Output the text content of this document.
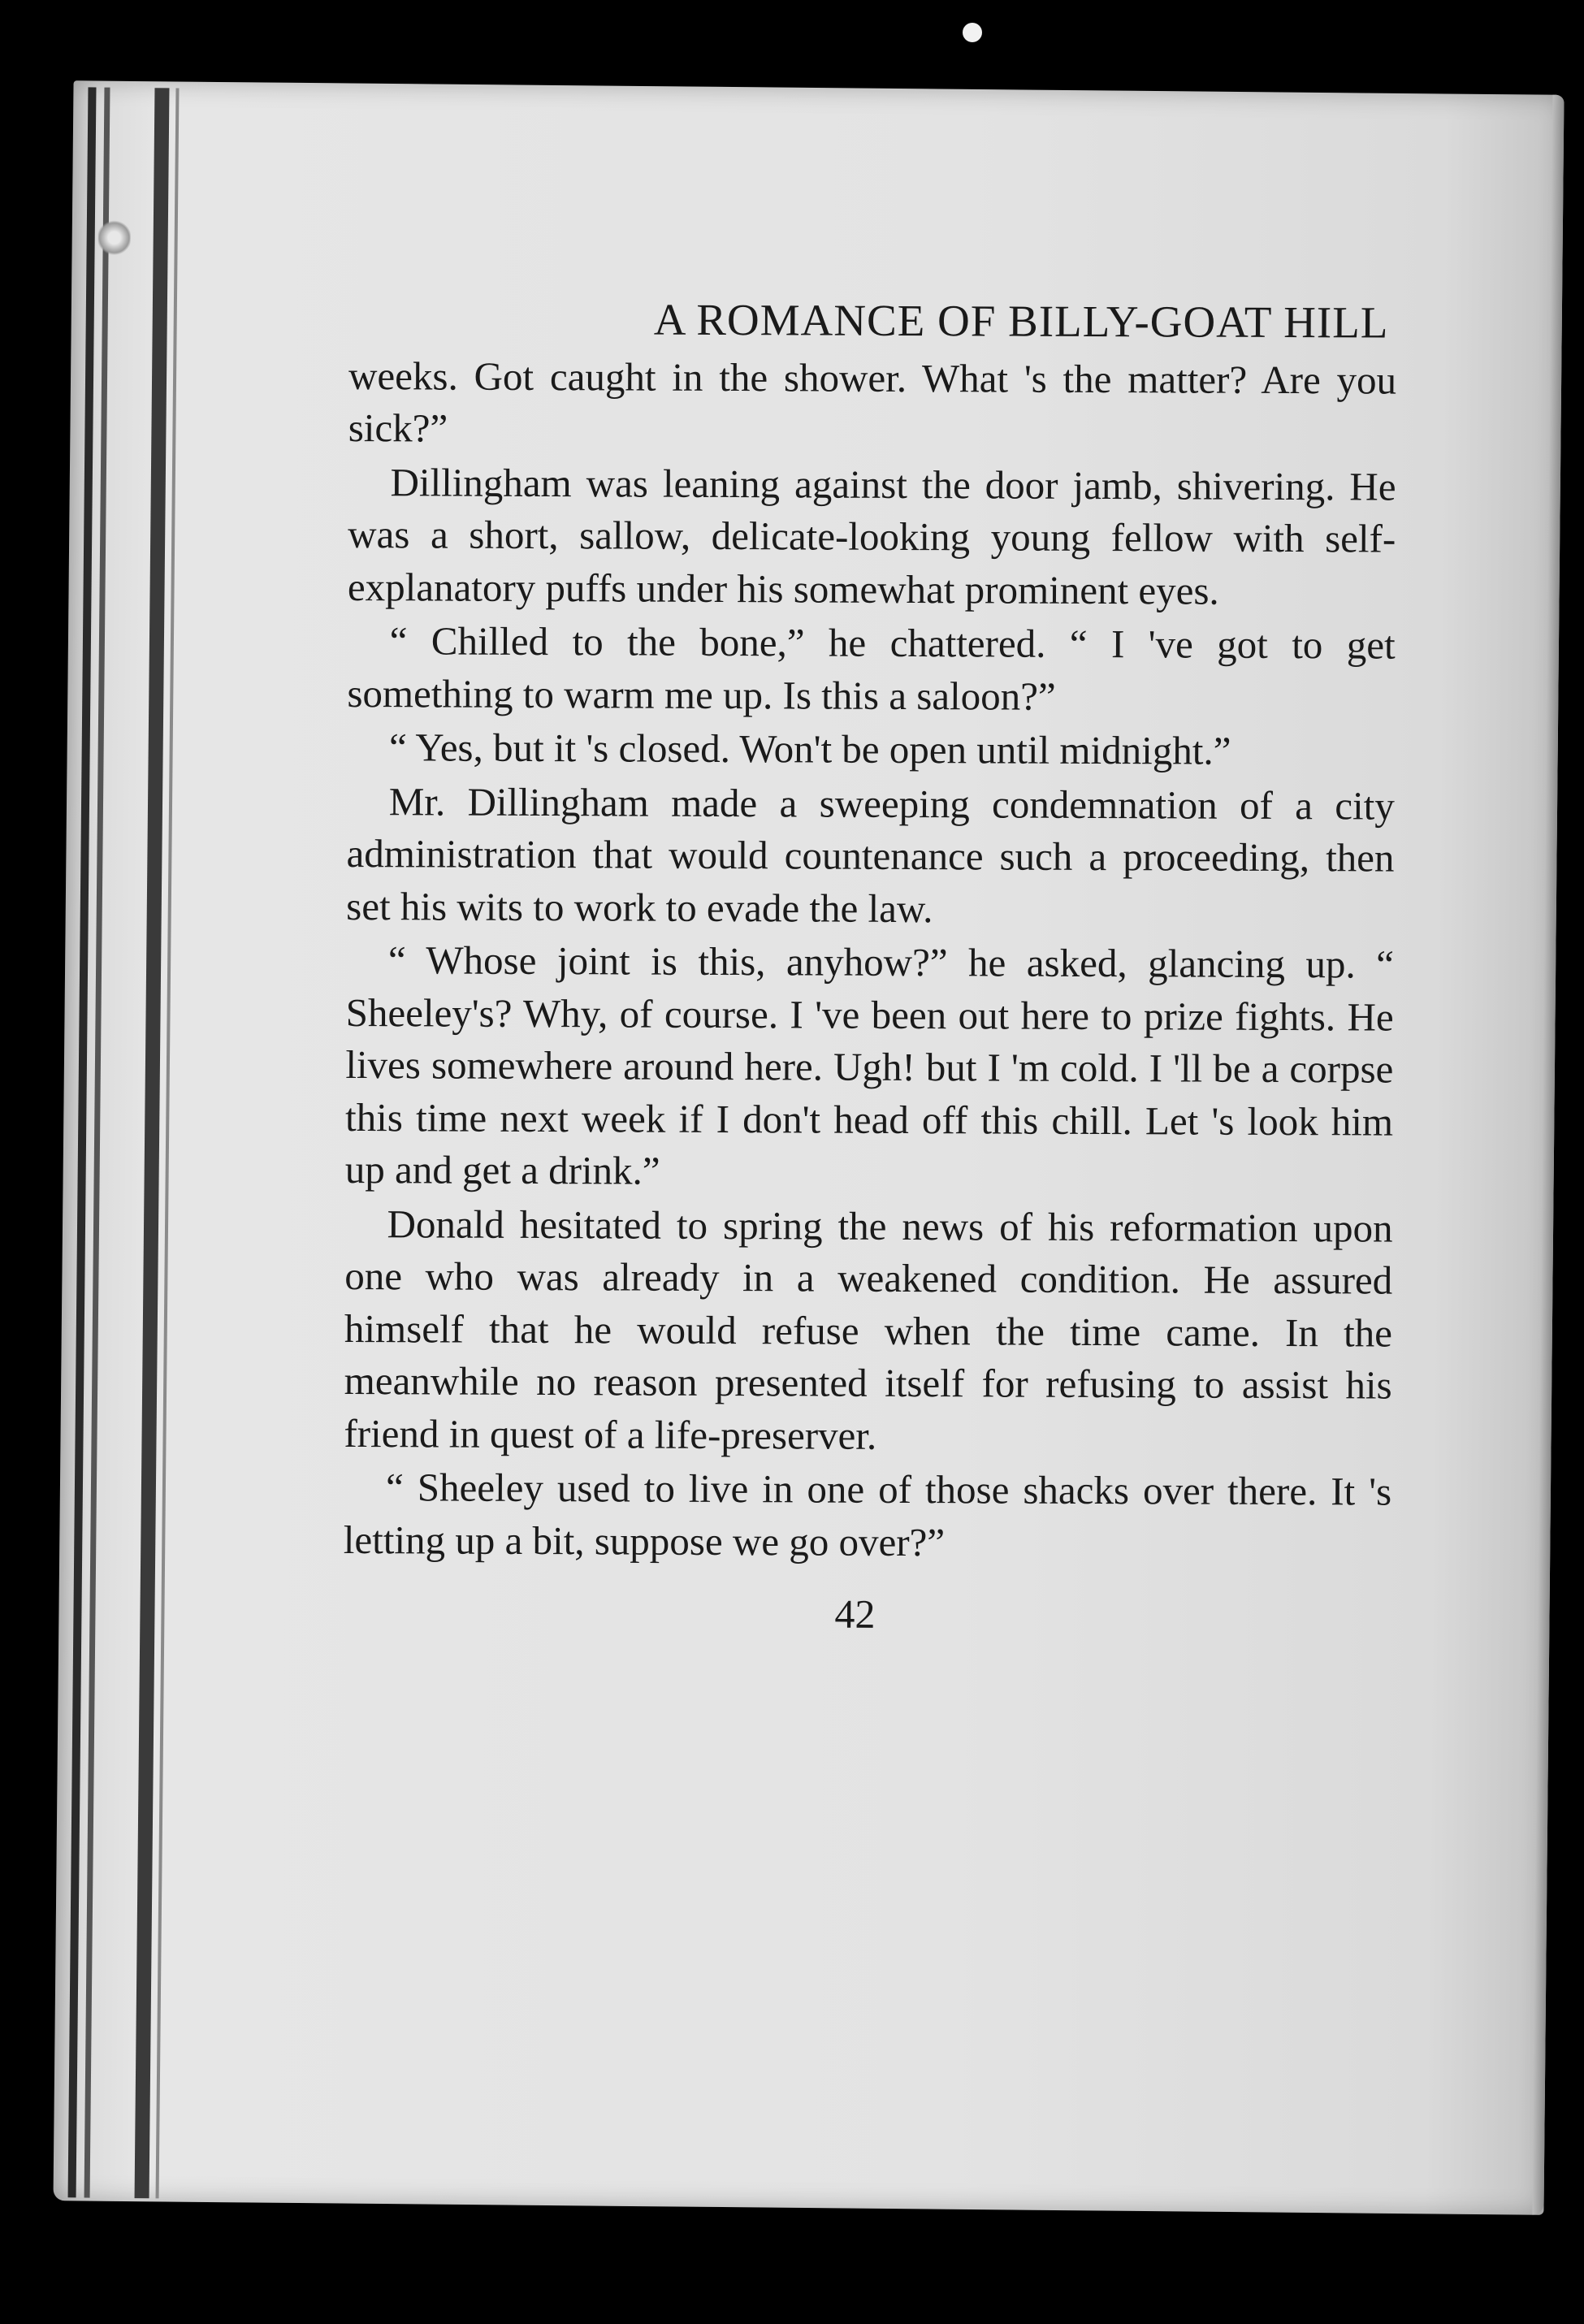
A ROMANCE OF BILLY-GOAT HILL

weeks. Got caught in the shower. What 's the matter? Are you sick?”

Dillingham was leaning against the door jamb, shivering. He was a short, sallow, delicate-looking young fellow with self-explanatory puffs under his somewhat prominent eyes.

“ Chilled to the bone,” he chattered. “ I 've got to get something to warm me up. Is this a saloon?”

“ Yes, but it 's closed. Won't be open until midnight.”

Mr. Dillingham made a sweeping condemnation of a city administration that would countenance such a proceeding, then set his wits to work to evade the law.

“ Whose joint is this, anyhow?” he asked, glancing up. “ Sheeley's? Why, of course. I 've been out here to prize fights. He lives somewhere around here. Ugh! but I 'm cold. I 'll be a corpse this time next week if I don't head off this chill. Let 's look him up and get a drink.”

Donald hesitated to spring the news of his reformation upon one who was already in a weakened condition. He assured himself that he would refuse when the time came. In the meanwhile no reason presented itself for refusing to assist his friend in quest of a life-preserver.

“ Sheeley used to live in one of those shacks over there. It 's letting up a bit, suppose we go over?”

42
